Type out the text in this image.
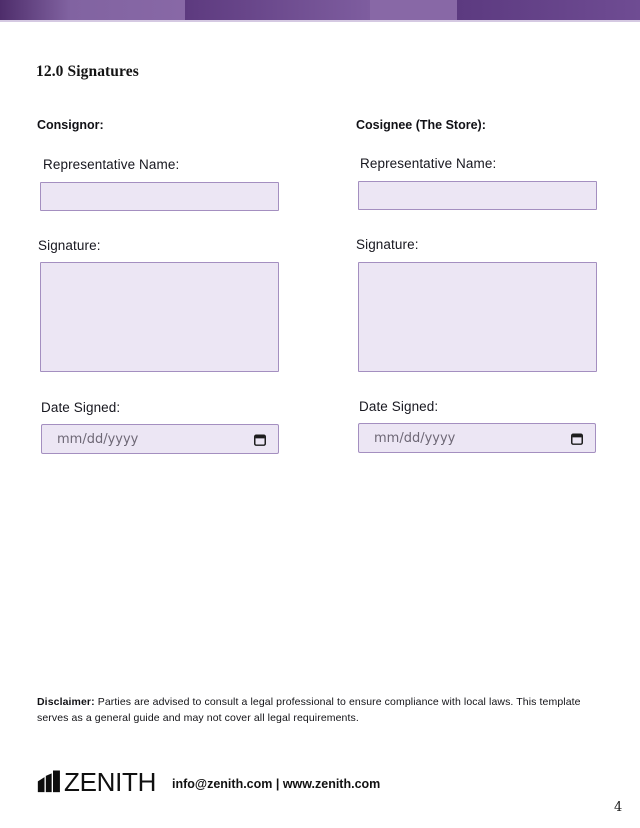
12.0 Signatures
Consignor:	Cosignee (The Store):
Representative Name:
Signature:
Date Signed:
mm/dd/yyyy
Representative Name:
Signature:
Date Signed:
mm/dd/yyyy
Disclaimer: Parties are advised to consult a legal professional to ensure compliance with local laws. This template serves as a general guide and may not cover all legal requirements.
ZENITH info@zenith.com | www.zenith.com
4
